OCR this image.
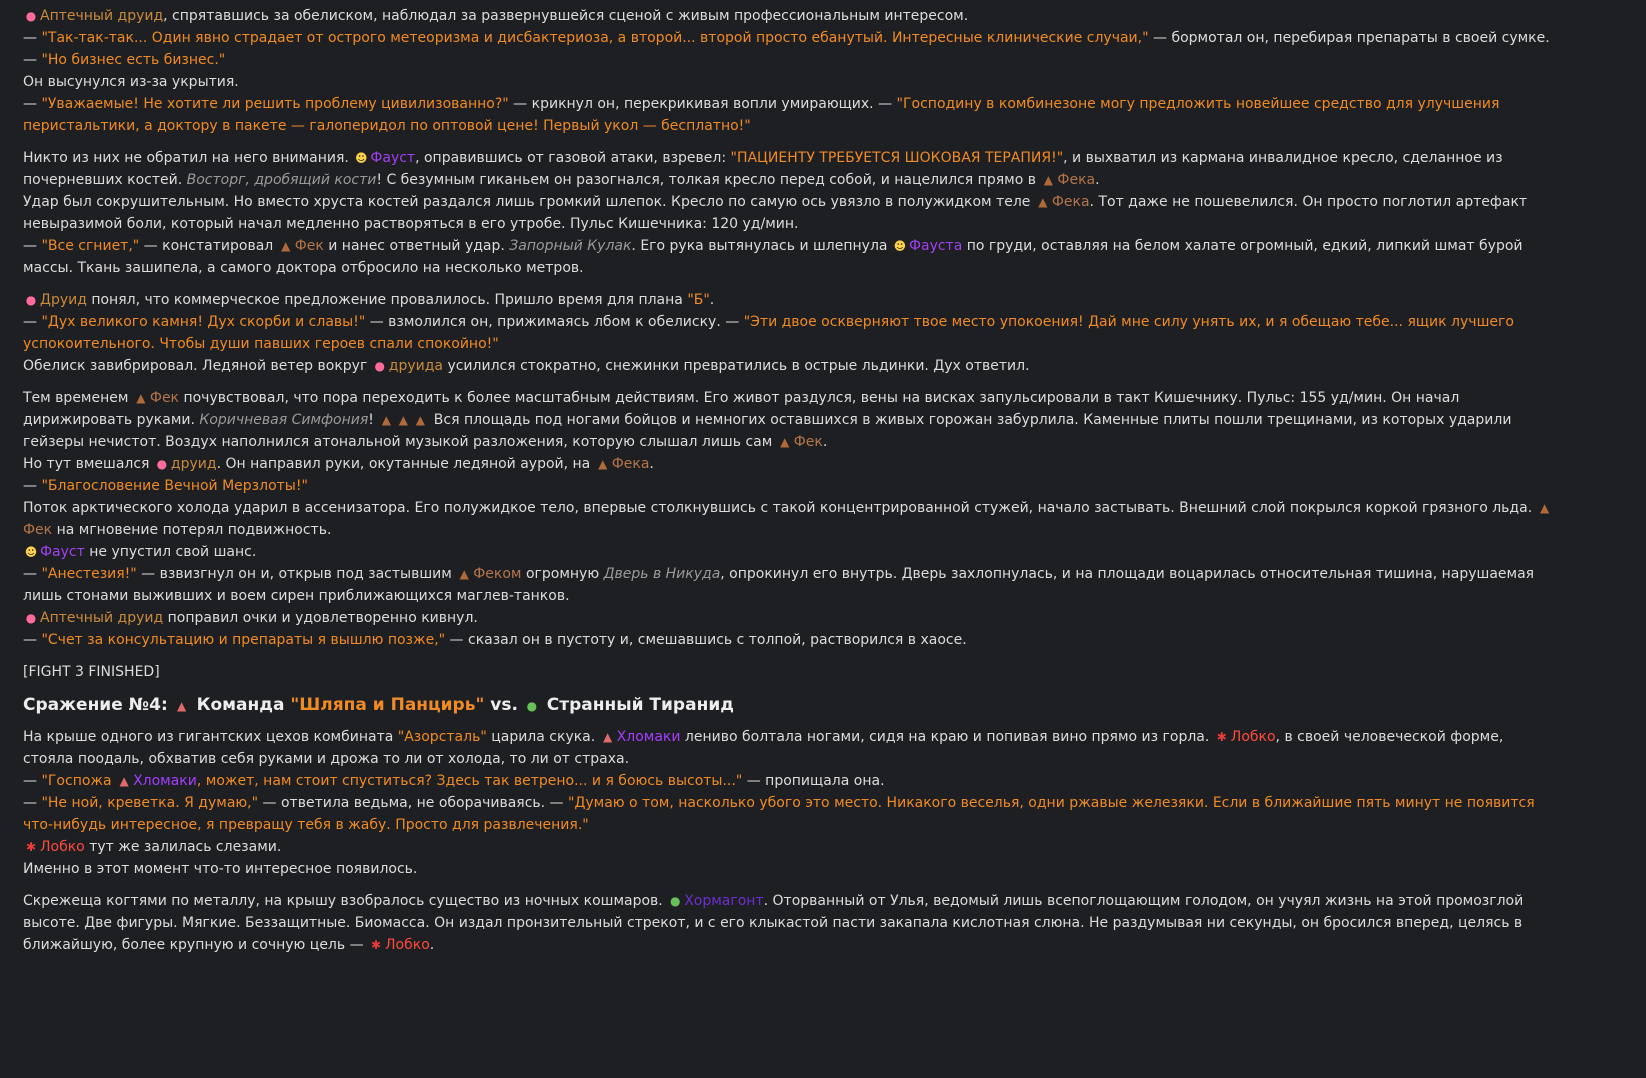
● Аптечный друид, спрятавшись за обелиском, наблюдал за развернувшейся сценой с живым профессиональным интересом.

— "Так-так-так... Один явно страдает от острого метеоризма и дисбактериоза, а второй... второй просто ебанутый. Интересные клинические случаи," — бормотал он, перебирая препараты в своей сумке. — "Но бизнес есть бизнес."

Он высунулся из-за укрытия.

— "Уважаемые! Не хотите ли решить проблему цивилизованно?" — крикнул он, перекрикивая вопли умирающих. — "Господину в комбинезоне могу предложить новейшее средство для улучшения перистальтики, а доктору в пакете — галоперидол по оптовой цене! Первый укол — бесплатно!"

Никто из них не обратил на него внимания. ☻ Фауст, оправившись от газовой атаки, взревел: "ПАЦИЕНТУ ТРЕБУЕТСЯ ШОКОВАЯ ТЕРАПИЯ!", и выхватил из кармана инвалидное кресло, сделанное из почерневших костей. Восторг, дробящий кости! С безумным гиканьем он разогнался, толкая кресло перед собой, и нацелился прямо в ▲ Фека.

Удар был сокрушительным. Но вместо хруста костей раздался лишь громкий шлепок. Кресло по самую ось увязло в полужидком теле ▲ Фека. Тот даже не пошевелился. Он просто поглотил артефакт невыразимой боли, который начал медленно растворяться в его утробе. Пульс Кишечника: 120 уд/мин.

— "Все сгниет," — констатировал ▲ Фек и нанес ответный удар. Запорный Кулак. Его рука вытянулась и шлепнула ☻ Фауста по груди, оставляя на белом халате огромный, едкий, липкий шмат бурой массы. Ткань зашипела, а самого доктора отбросило на несколько метров.

● Друид понял, что коммерческое предложение провалилось. Пришло время для плана "Б".

— "Дух великого камня! Дух скорби и славы!" — взмолился он, прижимаясь лбом к обелиску. — "Эти двое оскверняют твое место упокоения! Дай мне силу унять их, и я обещаю тебе... ящик лучшего успокоительного. Чтобы души павших героев спали спокойно!"

Обелиск завибрировал. Ледяной ветер вокруг ● друида усилился стократно, снежинки превратились в острые льдинки. Дух ответил.

Тем временем ▲ Фек почувствовал, что пора переходить к более масштабным действиям. Его живот раздулся, вены на висках запульсировали в такт Кишечнику. Пульс: 155 уд/мин. Он начал дирижировать руками. Коричневая Симфония! ▲ ▲ ▲ Вся площадь под ногами бойцов и немногих оставшихся в живых горожан забурлила. Каменные плиты пошли трещинами, из которых ударили гейзеры нечистот. Воздух наполнился атональной музыкой разложения, которую слышал лишь сам ▲ Фек.

Но тут вмешался ● друид. Он направил руки, окутанные ледяной аурой, на ▲ Фека.

— "Благословение Вечной Мерзлоты!"

Поток арктического холода ударил в ассенизатора. Его полужидкое тело, впервые столкнувшись с такой концентрированной стужей, начало застывать. Внешний слой покрылся коркой грязного льда. ▲Фек на мгновение потерял подвижность.

☻ Фауст не упустил свой шанс.

— "Анестезия!" — взвизгнул он и, открыв под застывшим ▲ Феком огромную Дверь в Никуда, опрокинул его внутрь. Дверь захлопнулась, и на площади воцарилась относительная тишина, нарушаемая лишь стонами выживших и воем сирен приближающихся маглев-танков.

● Аптечный друид поправил очки и удовлетворенно кивнул.

— "Счет за консультацию и препараты я вышлю позже," — сказал он в пустоту и, смешавшись с толпой, растворился в хаосе.

[FIGHT 3 FINISHED]

Сражение №4: ▲ Команда "Шляпа и Панцирь" vs. ● Странный Тиранид

На крыше одного из гигантских цехов комбината "Азорсталь" царила скука. ▲ Хломаки лениво болтала ногами, сидя на краю и попивая вино прямо из горла. ✱ Лобко, в своей человеческой форме, стояла поодаль, обхватив себя руками и дрожа то ли от холода, то ли от страха.

— "Госпожа ▲ Хломаки, может, нам стоит спуститься? Здесь так ветрено... и я боюсь высоты..." — пропищала она.

— "Не ной, креветка. Я думаю," — ответила ведьма, не оборачиваясь. — "Думаю о том, насколько убого это место. Никакого веселья, одни ржавые железяки. Если в ближайшие пять минут не появится что-нибудь интересное, я превращу тебя в жабу. Просто для развлечения."

✱ Лобко тут же залилась слезами.

Именно в этот момент что-то интересное появилось.

Скрежеща когтями по металлу, на крышу взобралось существо из ночных кошмаров. ● Хормагонт. Оторванный от Улья, ведомый лишь всепоглощающим голодом, он учуял жизнь на этой промозглой высоте. Две фигуры. Мягкие. Беззащитные. Биомасса. Он издал пронзительный стрекот, и с его клыкастой пасти закапала кислотная слюна. Не раздумывая ни секунды, он бросился вперед, целясь в ближайшую, более крупную и сочную цель — ✱ Лобко.
